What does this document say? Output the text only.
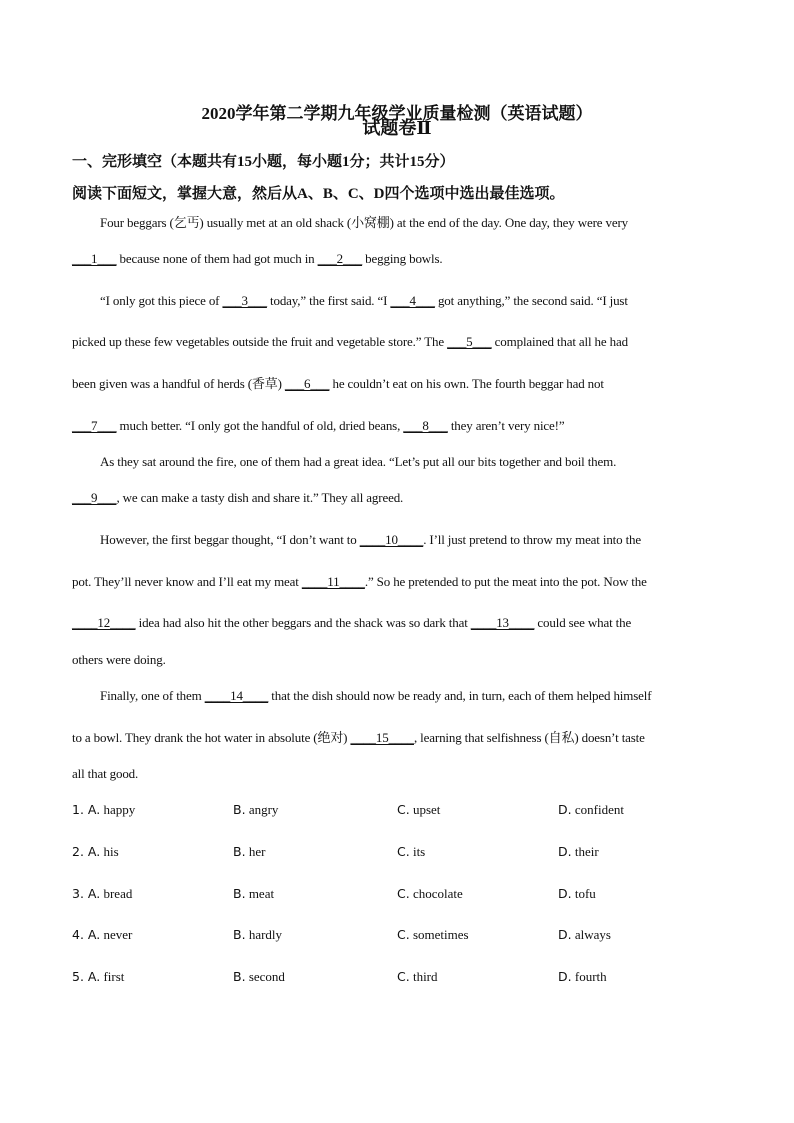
2020学年第二学期九年级学业质量检测（英语试题）
试题卷Ⅱ
一、完形填空（本题共有15小题，每小题1分；共计15分）
阅读下面短文，掌握大意，然后从A、B、C、D四个选项中选出最佳选项。
Four beggars (乞丐) usually met at an old shack (小窝棚) at the end of the day. One day, they were very
___1___ because none of them had got much in ___2___ begging bowls.
“I only got this piece of ___3___ today,” the first said. “I ___4___ got anything,” the second said. “I just
picked up these few vegetables outside the fruit and vegetable store.” The ___5___ complained that all he had
been given was a handful of herds (香草) ___6___ he couldn’t eat on his own. The fourth beggar had not
___7___ much better. “I only got the handful of old, dried beans, ___8___ they aren’t very nice!”
As they sat around the fire, one of them had a great idea. “Let’s put all our bits together and boil them.
___9___, we can make a tasty dish and share it.” They all agreed.
However, the first beggar thought, “I don’t want to ____10____. I’ll just pretend to throw my meat into the
pot. They’ll never know and I’ll eat my meat ____11____.” So he pretended to put the meat into the pot. Now the
____12____ idea had also hit the other beggars and the shack was so dark that ____13____ could see what the
others were doing.
Finally, one of them ____14____ that the dish should now be ready and, in turn, each of them helped himself
to a bowl. They drank the hot water in absolute (绝对) ____15____, learning that selfishness (自私) doesn’t taste
all that good.
1. A. happy	B. angry	C. upset	D. confident
2. A. his	B. her	C. its	D. their
3. A. bread	B. meat	C. chocolate	D. tofu
4. A. never	B. hardly	C. sometimes	D. always
5. A. first	B. second	C. third	D. fourth
